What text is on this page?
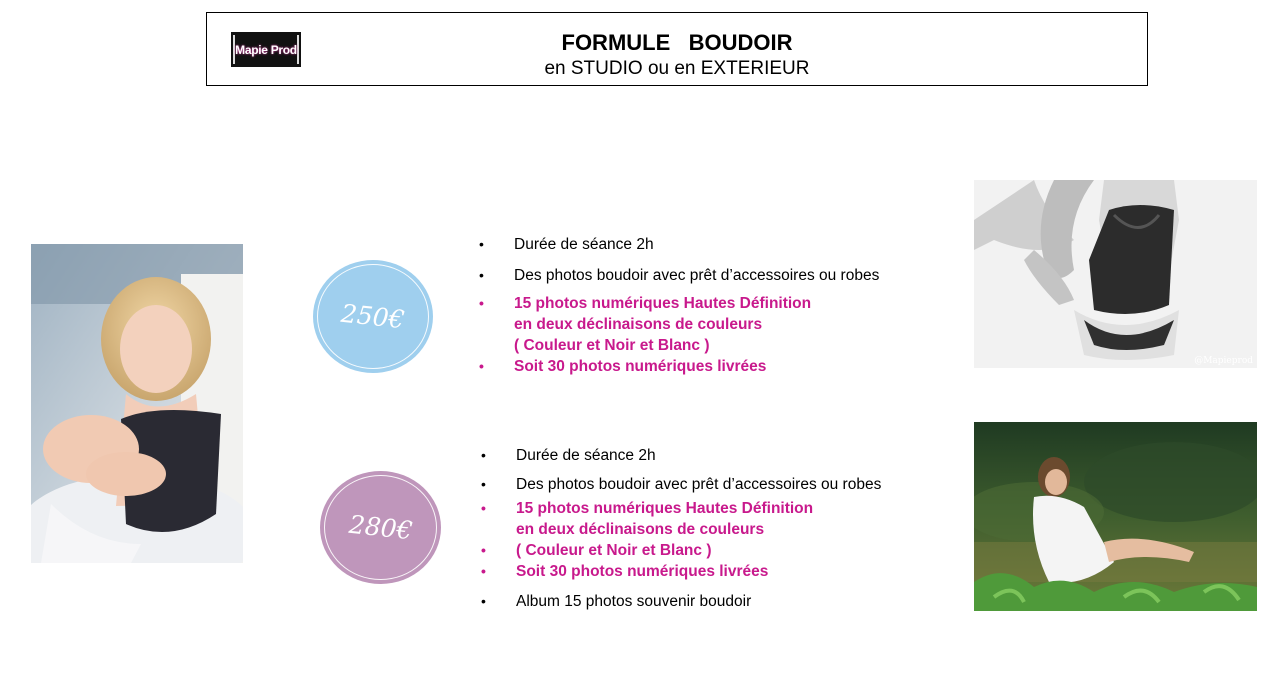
Mapie Prod	FORMULE   BOUDOIR
en STUDIO ou en EXTERIEUR
250€
• Durée de séance 2h
• Des photos boudoir avec prêt d’accessoires ou robes
• 15 photos numériques Hautes Définition
en deux déclinaisons de couleurs
( Couleur et Noir et Blanc )
• Soit 30 photos numériques livrées	@Mapieprod
280€
• Durée de séance 2h
• Des photos boudoir avec prêt d’accessoires ou robes
• 15 photos numériques Hautes Définition
en deux déclinaisons de couleurs
• ( Couleur et Noir et Blanc )
• Soit 30 photos numériques livrées
• Album 15 photos souvenir boudoir
